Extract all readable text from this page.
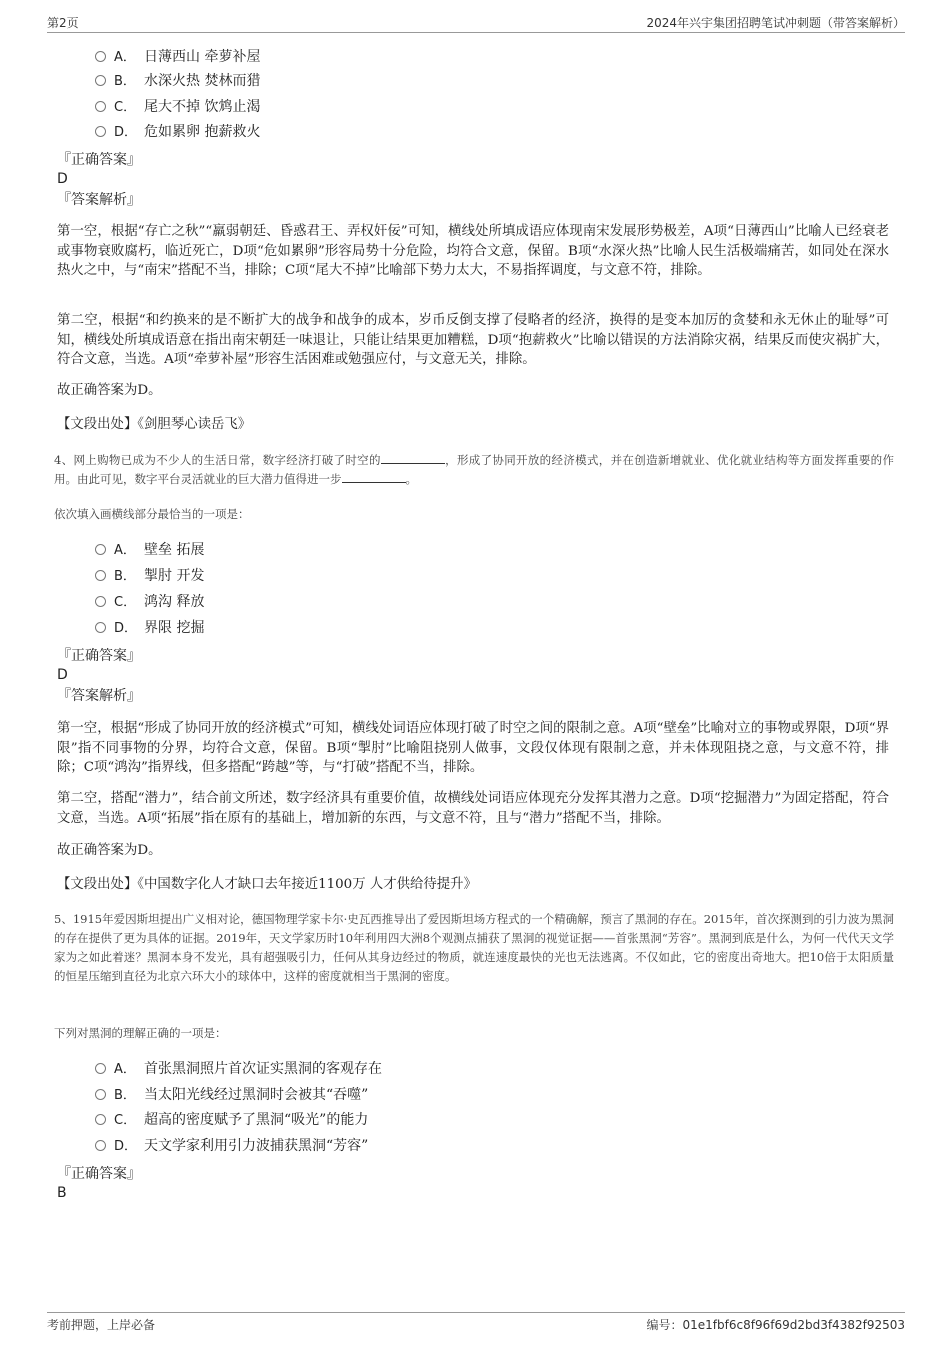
第2页	2024年兴宇集团招聘笔试冲刺题（带答案解析）
A． 日薄西山 牵萝补屋
B． 水深火热 焚林而猎
C． 尾大不掉 饮鸩止渴
D． 危如累卵 抱薪救火
『正确答案』
D
『答案解析』
第一空，根据“存亡之秋”“羸弱朝廷、昏惑君王、弄权奸佞”可知，横线处所填成语应体现南宋发展形势极差，A项“日薄西山”比喻人已经衰老或事物衰败腐朽，临近死亡，D项“危如累卵”形容局势十分危险，均符合文意，保留。B项“水深火热”比喻人民生活极端痛苦，如同处在深水热火之中，与“南宋”搭配不当，排除；C项“尾大不掉”比喻部下势力太大，不易指挥调度，与文意不符，排除。
第二空，根据“和约换来的是不断扩大的战争和战争的成本，岁币反倒支撑了侵略者的经济，换得的是变本加厉的贪婪和永无休止的耻辱”可知，横线处所填成语意在指出南宋朝廷一味退让，只能让结果更加糟糕，D项“抱薪救火”比喻以错误的方法消除灾祸，结果反而使灾祸扩大，符合文意，当选。A项“牵萝补屋”形容生活困难或勉强应付，与文意无关，排除。
故正确答案为D。
【文段出处】《剑胆琴心读岳飞》
4、网上购物已成为不少人的生活日常，数字经济打破了时空的	，形成了协同开放的经济模式，并在创造新增就业、优化就业结构等方面发挥重要的作用。由此可见，数字平台灵活就业的巨大潜力值得进一步	。
依次填入画横线部分最恰当的一项是：
A． 壁垒 拓展
B． 掣肘 开发
C． 鸿沟 释放
D． 界限 挖掘
『正确答案』
D
『答案解析』
第一空，根据“形成了协同开放的经济模式”可知，横线处词语应体现打破了时空之间的限制之意。A项“壁垒”比喻对立的事物或界限，D项“界限”指不同事物的分界，均符合文意，保留。B项“掣肘”比喻阻挠别人做事，文段仅体现有限制之意，并未体现阻挠之意，与文意不符，排除；C项“鸿沟”指界线，但多搭配“跨越”等，与“打破”搭配不当，排除。
第二空，搭配“潜力”，结合前文所述，数字经济具有重要价值，故横线处词语应体现充分发挥其潜力之意。D项“挖掘潜力”为固定搭配，符合文意，当选。A项“拓展”指在原有的基础上，增加新的东西，与文意不符，且与“潜力”搭配不当，排除。
故正确答案为D。
【文段出处】《中国数字化人才缺口去年接近1100万 人才供给待提升》
5、1915年爱因斯坦提出广义相对论，德国物理学家卡尔·史瓦西推导出了爱因斯坦场方程式的一个精确解，预言了黑洞的存在。2015年，首次探测到的引力波为黑洞的存在提供了更为具体的证据。2019年，天文学家历时10年利用四大洲8个观测点捕获了黑洞的视觉证据——首张黑洞“芳容”。黑洞到底是什么，为何一代代天文学家为之如此着迷？黑洞本身不发光，具有超强吸引力，任何从其身边经过的物质，就连速度最快的光也无法逃离。不仅如此，它的密度出奇地大。把10倍于太阳质量的恒星压缩到直径为北京六环大小的球体中，这样的密度就相当于黑洞的密度。
下列对黑洞的理解正确的一项是：
A． 首张黑洞照片首次证实黑洞的客观存在
B． 当太阳光线经过黑洞时会被其“吞噬”
C． 超高的密度赋予了黑洞“吸光”的能力
D． 天文学家利用引力波捕获黑洞“芳容”
『正确答案』
B
考前押题，上岸必备	编号：01e1fbf6c8f96f69d2bd3f4382f92503
